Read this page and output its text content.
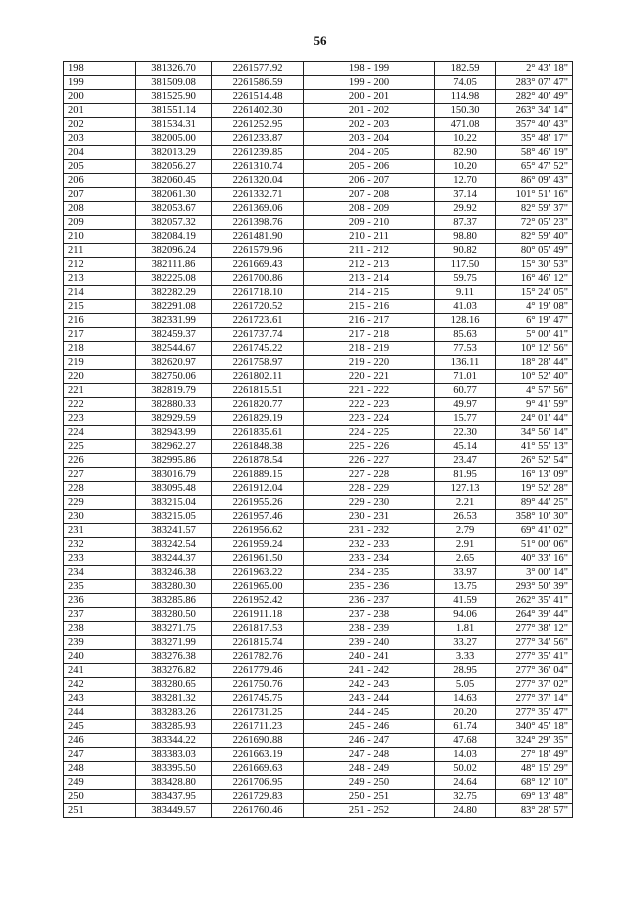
56
198	381326.70	2261577.92	198 - 199	182.59	2° 43' 18"
199	381509.08	2261586.59	199 - 200	74.05	283° 07' 47"
200	381525.90	2261514.48	200 - 201	114.98	282° 40' 49"
201	381551.14	2261402.30	201 - 202	150.30	263° 34' 14"
202	381534.31	2261252.95	202 - 203	471.08	357° 40' 43"
203	382005.00	2261233.87	203 - 204	10.22	35° 48' 17"
204	382013.29	2261239.85	204 - 205	82.90	58° 46' 19"
205	382056.27	2261310.74	205 - 206	10.20	65° 47' 52"
206	382060.45	2261320.04	206 - 207	12.70	86° 09' 43"
207	382061.30	2261332.71	207 - 208	37.14	101° 51' 16"
208	382053.67	2261369.06	208 - 209	29.92	82° 59' 37"
209	382057.32	2261398.76	209 - 210	87.37	72° 05' 23"
210	382084.19	2261481.90	210 - 211	98.80	82° 59' 40"
211	382096.24	2261579.96	211 - 212	90.82	80° 05' 49"
212	382111.86	2261669.43	212 - 213	117.50	15° 30' 53"
213	382225.08	2261700.86	213 - 214	59.75	16° 46' 12"
214	382282.29	2261718.10	214 - 215	9.11	15° 24' 05"
215	382291.08	2261720.52	215 - 216	41.03	4° 19' 08"
216	382331.99	2261723.61	216 - 217	128.16	6° 19' 47"
217	382459.37	2261737.74	217 - 218	85.63	5° 00' 41"
218	382544.67	2261745.22	218 - 219	77.53	10° 12' 56"
219	382620.97	2261758.97	219 - 220	136.11	18° 28' 44"
220	382750.06	2261802.11	220 - 221	71.01	10° 52' 40"
221	382819.79	2261815.51	221 - 222	60.77	4° 57' 56"
222	382880.33	2261820.77	222 - 223	49.97	9° 41' 59"
223	382929.59	2261829.19	223 - 224	15.77	24° 01' 44"
224	382943.99	2261835.61	224 - 225	22.30	34° 56' 14"
225	382962.27	2261848.38	225 - 226	45.14	41° 55' 13"
226	382995.86	2261878.54	226 - 227	23.47	26° 52' 54"
227	383016.79	2261889.15	227 - 228	81.95	16° 13' 09"
228	383095.48	2261912.04	228 - 229	127.13	19° 52' 28"
229	383215.04	2261955.26	229 - 230	2.21	89° 44' 25"
230	383215.05	2261957.46	230 - 231	26.53	358° 10' 30"
231	383241.57	2261956.62	231 - 232	2.79	69° 41' 02"
232	383242.54	2261959.24	232 - 233	2.91	51° 00' 06"
233	383244.37	2261961.50	233 - 234	2.65	40° 33' 16"
234	383246.38	2261963.22	234 - 235	33.97	3° 00' 14"
235	383280.30	2261965.00	235 - 236	13.75	293° 50' 39"
236	383285.86	2261952.42	236 - 237	41.59	262° 35' 41"
237	383280.50	2261911.18	237 - 238	94.06	264° 39' 44"
238	383271.75	2261817.53	238 - 239	1.81	277° 38' 12"
239	383271.99	2261815.74	239 - 240	33.27	277° 34' 56"
240	383276.38	2261782.76	240 - 241	3.33	277° 35' 41"
241	383276.82	2261779.46	241 - 242	28.95	277° 36' 04"
242	383280.65	2261750.76	242 - 243	5.05	277° 37' 02"
243	383281.32	2261745.75	243 - 244	14.63	277° 37' 14"
244	383283.26	2261731.25	244 - 245	20.20	277° 35' 47"
245	383285.93	2261711.23	245 - 246	61.74	340° 45' 18"
246	383344.22	2261690.88	246 - 247	47.68	324° 29' 35"
247	383383.03	2261663.19	247 - 248	14.03	27° 18' 49"
248	383395.50	2261669.63	248 - 249	50.02	48° 15' 29"
249	383428.80	2261706.95	249 - 250	24.64	68° 12' 10"
250	383437.95	2261729.83	250 - 251	32.75	69° 13' 48"
251	383449.57	2261760.46	251 - 252	24.80	83° 28' 57"
